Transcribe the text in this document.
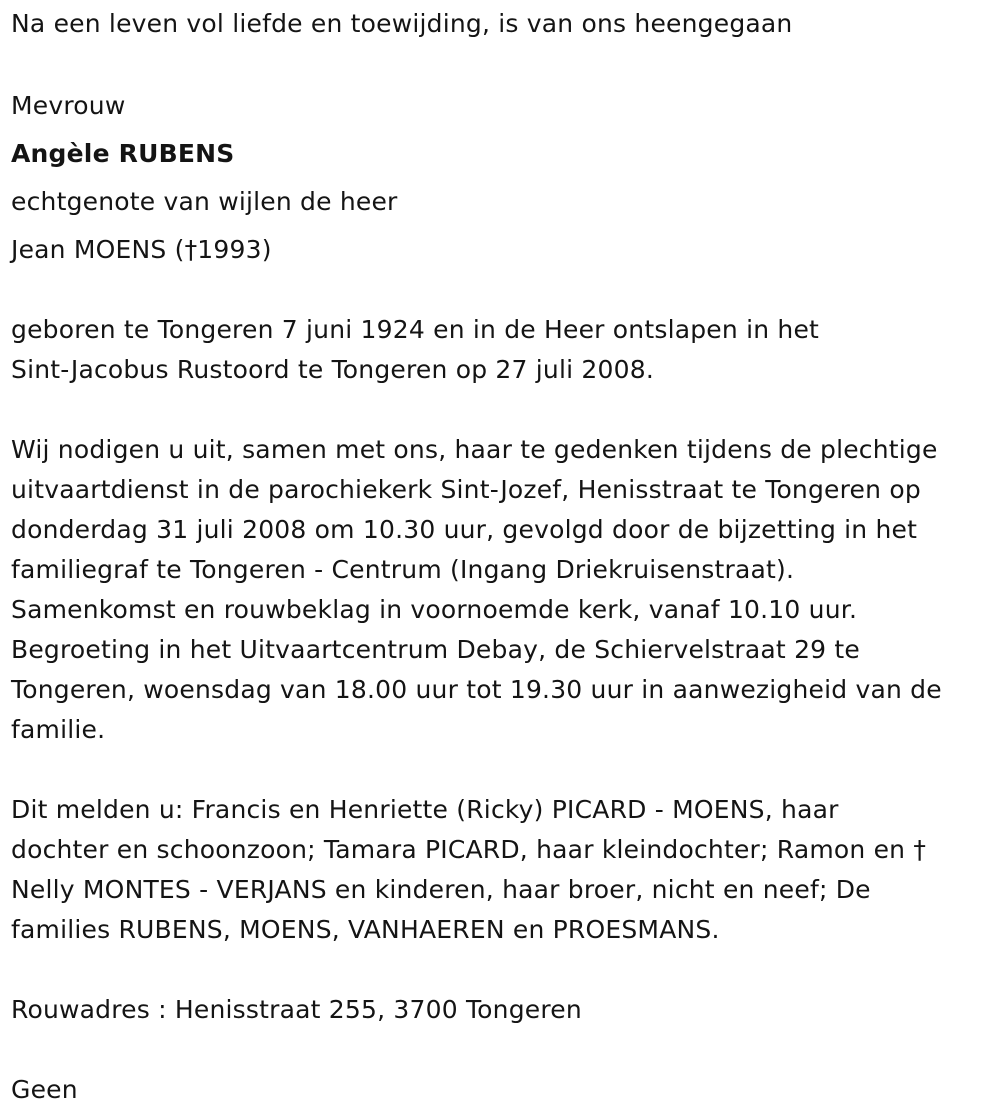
Na een leven vol liefde en toewijding, is van ons heengegaan
Mevrouw
Angèle RUBENS
echtgenote van wijlen de heer
Jean MOENS (†1993)
geboren te Tongeren 7 juni 1924 en in de Heer ontslapen in het
Sint-Jacobus Rustoord te Tongeren op 27 juli 2008.
Wij nodigen u uit, samen met ons, haar te gedenken tijdens de plechtige
uitvaartdienst in de parochiekerk Sint-Jozef, Henisstraat te Tongeren op
donderdag 31 juli 2008 om 10.30 uur, gevolgd door de bijzetting in het
familiegraf te Tongeren - Centrum (Ingang Driekruisenstraat).
Samenkomst en rouwbeklag in voornoemde kerk, vanaf 10.10 uur.
Begroeting in het Uitvaartcentrum Debay, de Schiervelstraat 29 te
Tongeren, woensdag van 18.00 uur tot 19.30 uur in aanwezigheid van de
familie.
Dit melden u: Francis en Henriette (Ricky) PICARD - MOENS, haar
dochter en schoonzoon; Tamara PICARD, haar kleindochter; Ramon en †
Nelly MONTES - VERJANS en kinderen, haar broer, nicht en neef; De
families RUBENS, MOENS, VANHAEREN en PROESMANS.
Rouwadres : Henisstraat 255, 3700 Tongeren
Geen
